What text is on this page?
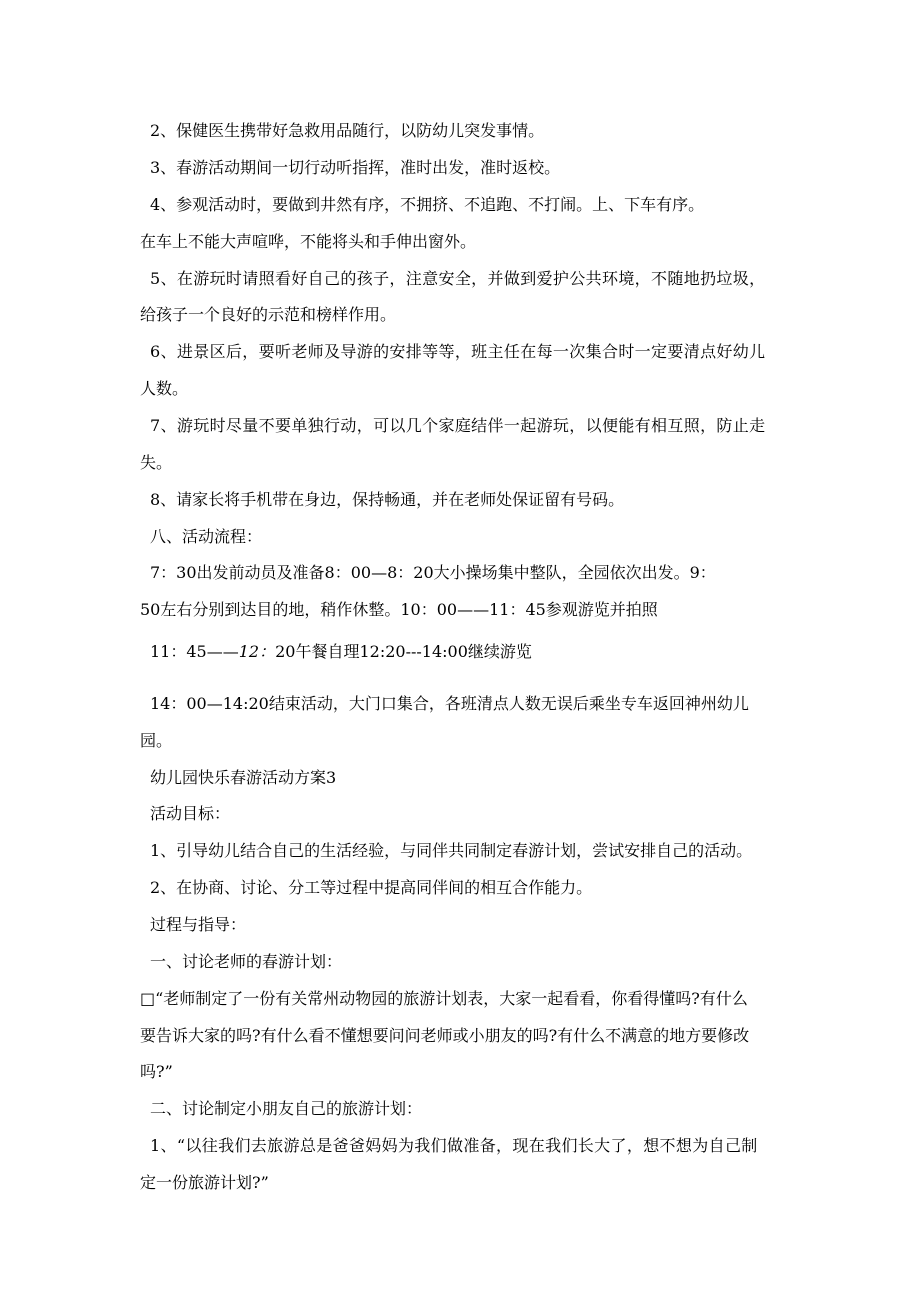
2、保健医生携带好急救用品随行，以防幼儿突发事情。
3、春游活动期间一切行动听指挥，准时出发，准时返校。
4、参观活动时，要做到井然有序，不拥挤、不追跑、不打闹。上、下车有序。
在车上不能大声喧哗，不能将头和手伸出窗外。
5、在游玩时请照看好自己的孩子，注意安全，并做到爱护公共环境，不随地扔垃圾，
给孩子一个良好的示范和榜样作用。
6、进景区后，要听老师及导游的安排等等，班主任在每一次集合时一定要清点好幼儿
人数。
7、游玩时尽量不要单独行动，可以几个家庭结伴一起游玩，以便能有相互照，防止走
失。
8、请家长将手机带在身边，保持畅通，并在老师处保证留有号码。
八、活动流程：
7：30出发前动员及准备8：00—8：20大小操场集中整队，全园依次出发。9：
50左右分别到达目的地，稍作休整。10：00——11：45参观游览并拍照
11：45——12：20午餐自理12:20---14:00继续游览
14：00—14:20结束活动，大门口集合，各班清点人数无误后乘坐专车返回神州幼儿
园。
幼儿园快乐春游活动方案3
活动目标：
1、引导幼儿结合自己的生活经验，与同伴共同制定春游计划，尝试安排自己的活动。
2、在协商、讨论、分工等过程中提高同伴间的相互合作能力。
过程与指导：
一、讨论老师的春游计划：
□“老师制定了一份有关常州动物园的旅游计划表，大家一起看看，你看得懂吗?有什么
要告诉大家的吗?有什么看不懂想要问问老师或小朋友的吗?有什么不满意的地方要修改
吗?”
二、讨论制定小朋友自己的旅游计划：
1、“以往我们去旅游总是爸爸妈妈为我们做准备，现在我们长大了，想不想为自己制
定一份旅游计划?”
